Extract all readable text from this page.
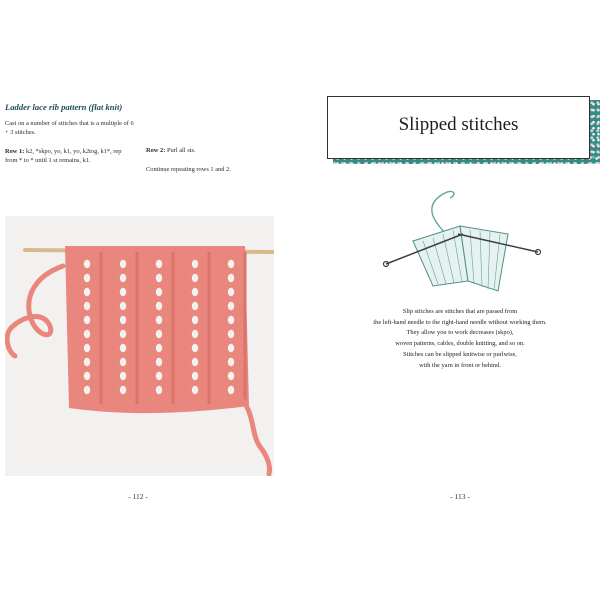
Ladder lace rib pattern (flat knit)
Cast on a number of stitches that is a multiple of 6 + 3 stitches.
Row 1: k2, *skpo, yo, k1, yo, k2tog, k1*, rep from * to * until 1 st remains, k1.
Row 2: Purl all sts.
Continue repeating rows 1 and 2.
- 112 -
Slipped stitches
Slip stitches are stitches that are passed from
the left-hand needle to the right-hand needle without working them.
They allow you to work decreases (skpo),
woven patterns, cables, double knitting, and so on.
Stitches can be slipped knitwise or purlwise,
with the yarn in front or behind.
- 113 -
